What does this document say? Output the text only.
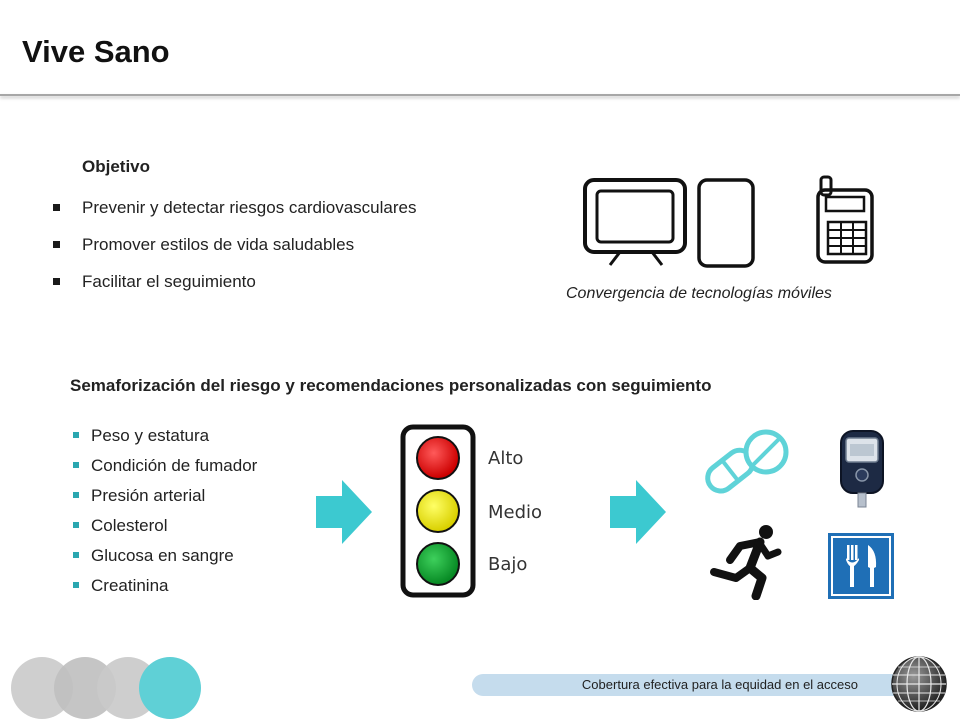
Vive Sano
Objetivo
Prevenir y detectar riesgos cardiovasculares
Promover estilos de vida saludables
Facilitar el seguimiento
Convergencia de tecnologías móviles
Semaforización del riesgo y recomendaciones personalizadas con seguimiento
Peso y estatura
Condición de fumador
Presión arterial
Colesterol
Glucosa en sangre
Creatinina
Alto
Medio
Bajo
Cobertura efectiva para la equidad en el acceso
